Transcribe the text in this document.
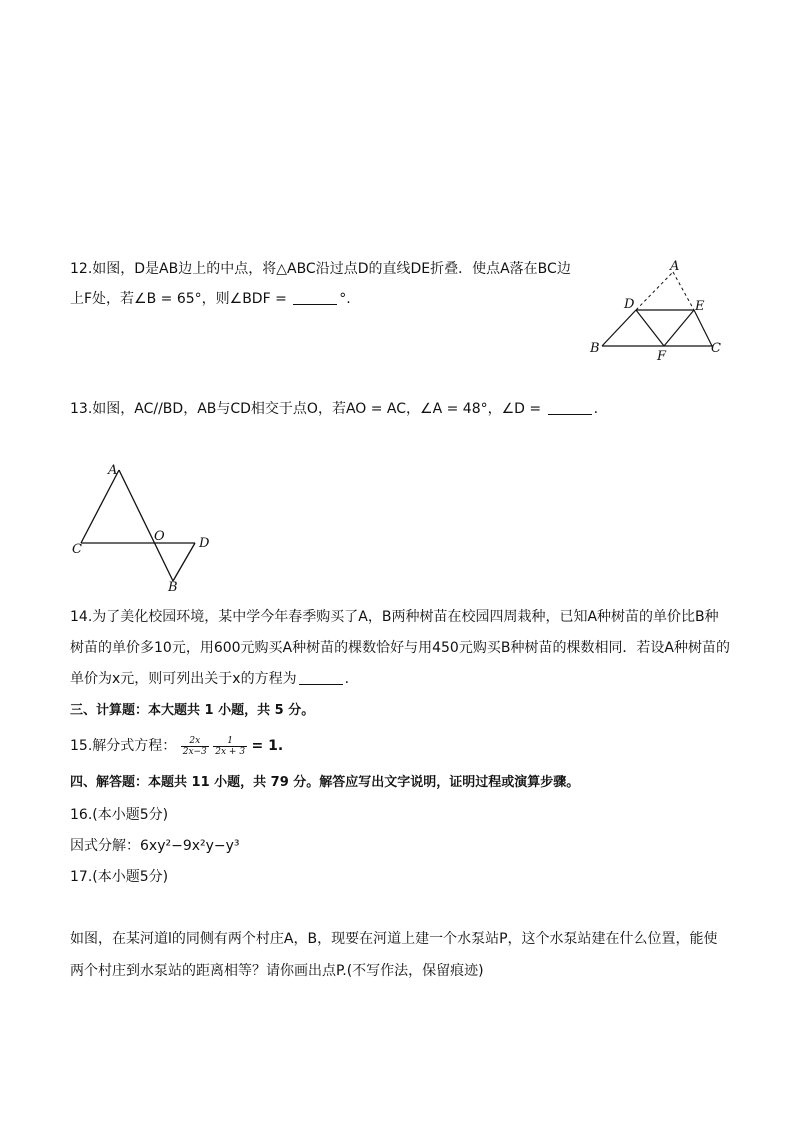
12.如图，D是AB边上的中点，将△ABC沿过点D的直线DE折叠．使点A落在BC边
上F处，若∠B = 65°，则∠BDF =	°.
A
D	E
B	C
F
13.如图，AC//BD，AB与CD相交于点O，若AO = AC，∠A = 48°，∠D =	.
A
C
O	D
B
14.为了美化校园环境，某中学今年春季购买了A，B两种树苗在校园四周栽种，已知A种树苗的单价比B种
树苗的单价多10元，用600元购买A种树苗的棵数恰好与用450元购买B种树苗的棵数相同．若设A种树苗的
单价为x元，则可列出关于x的方程为	.
三、计算题：本大题共 1 小题，共 5 分。
15.解分式方程： $\frac{2x}{2x-3}$
$\frac{1}{2x + 3} = 1$.
四、解答题：本题共 11 小题，共 79 分。解答应写出文字说明，证明过程或演算步骤。
16.(本小题5分)
因式分解：6xy²−9x²y−y³
17.(本小题5分)
如图，在某河道l的同侧有两个村庄A，B，现要在河道上建一个水泵站P，这个水泵站建在什么位置，能使
两个村庄到水泵站的距离相等？请你画出点P.(不写作法，保留痕迹)
